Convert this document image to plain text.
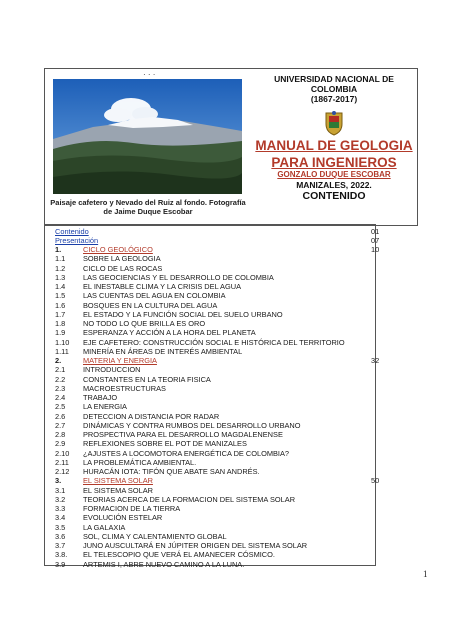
· · ·
Paisaje cafetero y Nevado del Ruiz al fondo. Fotografía de Jaime Duque Escobar
UNIVERSIDAD NACIONAL DE
COLOMBIA
(1867-2017)
MANUAL DE GEOLOGIA
PARA INGENIEROS
GONZALO DUQUE ESCOBAR
MANIZALES, 2022.
CONTENIDO
Contenido	01
Presentación	07
1.	CICLO GEOLÓGICO	10
1.1 SOBRE LA GEOLOGIA
1.2 CICLO DE LAS ROCAS
1.3 LAS GEOCIENCIAS Y EL DESARROLLO DE COLOMBIA
1.4 EL INESTABLE CLIMA Y LA CRISIS DEL AGUA
1.5 LAS CUENTAS DEL AGUA EN COLOMBIA
1.6 BOSQUES EN LA CULTURA DEL AGUA
1.7 EL ESTADO Y LA FUNCIÓN SOCIAL DEL SUELO URBANO
1.8 NO TODO LO QUE BRILLA ES ORO
1.9 ESPERANZA Y ACCIÓN A LA HORA DEL PLANETA
1.10 EJE CAFETERO: CONSTRUCCIÓN SOCIAL E HISTÓRICA DEL TERRITORIO
1.11 MINERÍA EN ÁREAS DE INTERÉS AMBIENTAL
2.	MATERIA Y ENERGIA	32
2.1 INTRODUCCION
2.2 CONSTANTES EN LA TEORIA FISICA
2.3 MACROESTRUCTURAS
2.4 TRABAJO
2.5 LA ENERGIA
2.6 DETECCION A DISTANCIA POR RADAR
2.7 DINÁMICAS Y CONTRA RUMBOS DEL DESARROLLO URBANO
2.8 PROSPECTIVA PARA EL DESARROLLO MAGDALENENSE
2.9 REFLEXIONES SOBRE EL POT DE MANIZALES
2.10 ¿AJUSTES A LOCOMOTORA ENERGÉTICA DE COLOMBIA?
2.11 LA PROBLEMÁTICA AMBIENTAL.
2.12 HURACÁN IOTA: TIFÓN QUE ABATE SAN ANDRÉS.
3.	EL SISTEMA SOLAR	50
3.1 EL SISTEMA SOLAR
3.2 TEORIAS ACERCA DE LA FORMACION DEL SISTEMA SOLAR
3.3 FORMACION DE LA TIERRA
3.4 EVOLUCIÓN ESTELAR
3.5 LA GALAXIA
3.6 SOL, CLIMA Y CALENTAMIENTO GLOBAL
3.7 JUNO AUSCULTARÁ EN JÚPITER ORIGEN DEL SISTEMA SOLAR
3.8. EL TELESCOPIO QUE VERÁ EL AMANECER CÓSMICO.
3.9 ARTEMIS I, ABRE NUEVO CAMINO A LA LUNA.
1
